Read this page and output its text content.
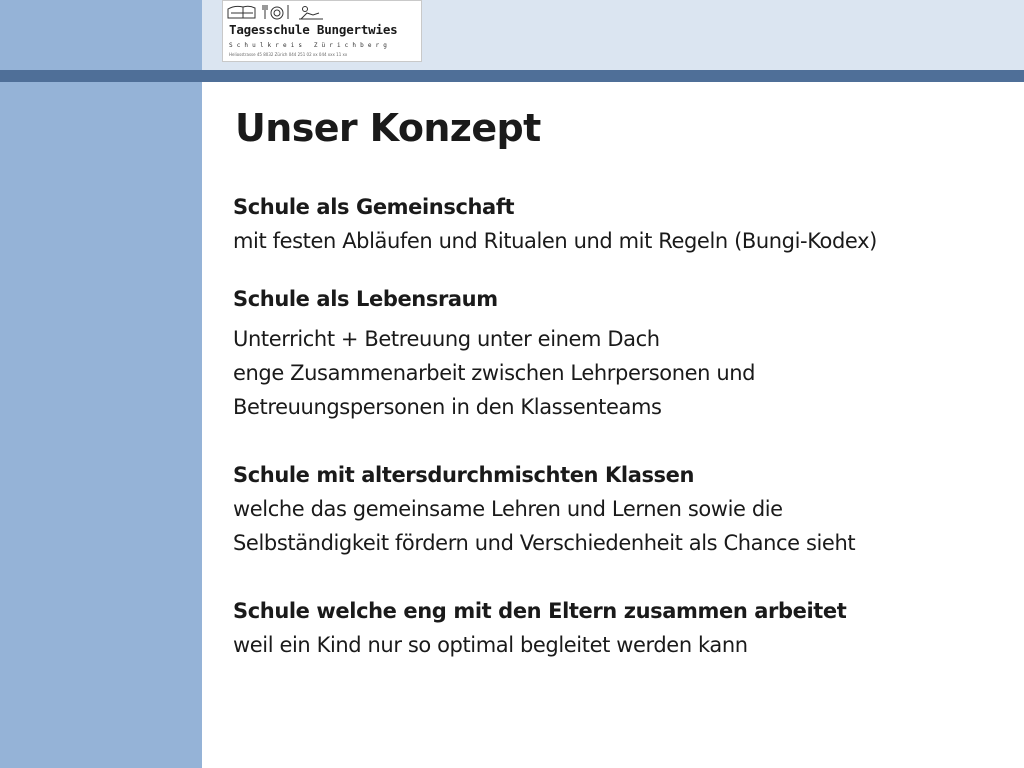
Tagesschule Bungertwies
Schulkreis Zürichberg
Heliosstrasse 45 8032 Zürich 044 251 02 xx 044 xxx 11 xx
Unser Konzept
Schule als Gemeinschaft
mit festen Abläufen und Ritualen und mit Regeln (Bungi-Kodex)
Schule als Lebensraum
Unterricht + Betreuung unter einem Dach
enge Zusammenarbeit zwischen Lehrpersonen und
Betreuungspersonen in den Klassenteams
Schule mit altersdurchmischten Klassen
welche das gemeinsame Lehren und Lernen sowie die
Selbständigkeit fördern und Verschiedenheit als Chance sieht
Schule welche eng mit den Eltern zusammen arbeitet
weil ein Kind nur so optimal begleitet werden kann
